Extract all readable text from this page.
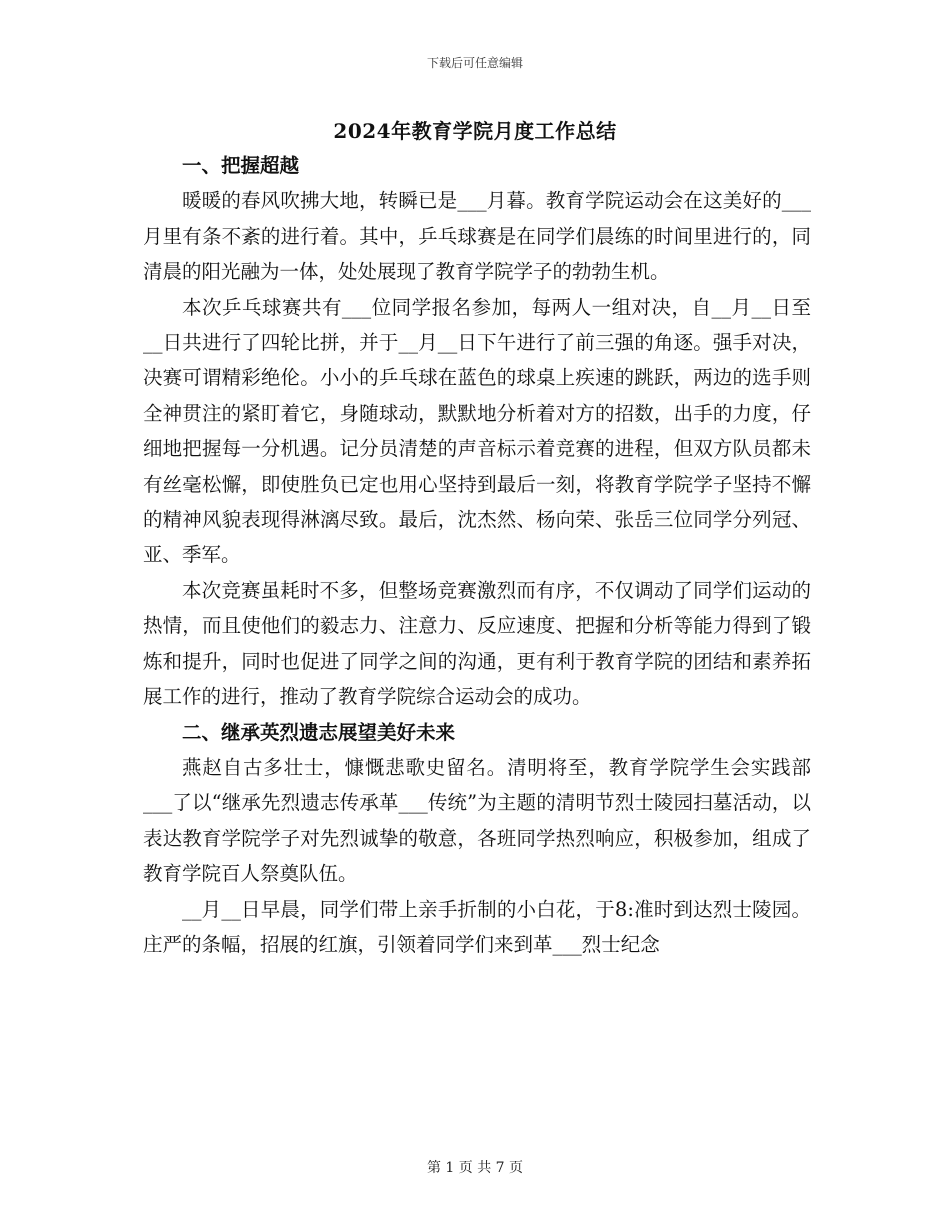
下载后可任意编辑
2024年教育学院月度工作总结

一、把握超越

暖暖的春风吹拂大地，转瞬已是___月暮。教育学院运动会在这美好的___月里有条不紊的进行着。其中，乒乓球赛是在同学们晨练的时间里进行的，同清晨的阳光融为一体，处处展现了教育学院学子的勃勃生机。

本次乒乓球赛共有___位同学报名参加，每两人一组对决，自__月__日至__日共进行了四轮比拼，并于__月__日下午进行了前三强的角逐。强手对决，决赛可谓精彩绝伦。小小的乒乓球在蓝色的球桌上疾速的跳跃，两边的选手则全神贯注的紧盯着它，身随球动，默默地分析着对方的招数，出手的力度，仔细地把握每一分机遇。记分员清楚的声音标示着竞赛的进程，但双方队员都未有丝毫松懈，即使胜负已定也用心坚持到最后一刻，将教育学院学子坚持不懈的精神风貌表现得淋漓尽致。最后，沈杰然、杨向荣、张岳三位同学分列冠、亚、季军。

本次竞赛虽耗时不多，但整场竞赛激烈而有序，不仅调动了同学们运动的热情，而且使他们的毅志力、注意力、反应速度、把握和分析等能力得到了锻炼和提升，同时也促进了同学之间的沟通，更有利于教育学院的团结和素养拓展工作的进行，推动了教育学院综合运动会的成功。

二、继承英烈遗志展望美好未来

燕赵自古多壮士，慷慨悲歌史留名。清明将至，教育学院学生会实践部___了以“继承先烈遗志传承革___传统”为主题的清明节烈士陵园扫墓活动，以表达教育学院学子对先烈诚挚的敬意，各班同学热烈响应，积极参加，组成了教育学院百人祭奠队伍。

__月__日早晨，同学们带上亲手折制的小白花，于8:准时到达烈士陵园。庄严的条幅，招展的红旗，引领着同学们来到革___烈士纪念

第 1 页 共 7 页
